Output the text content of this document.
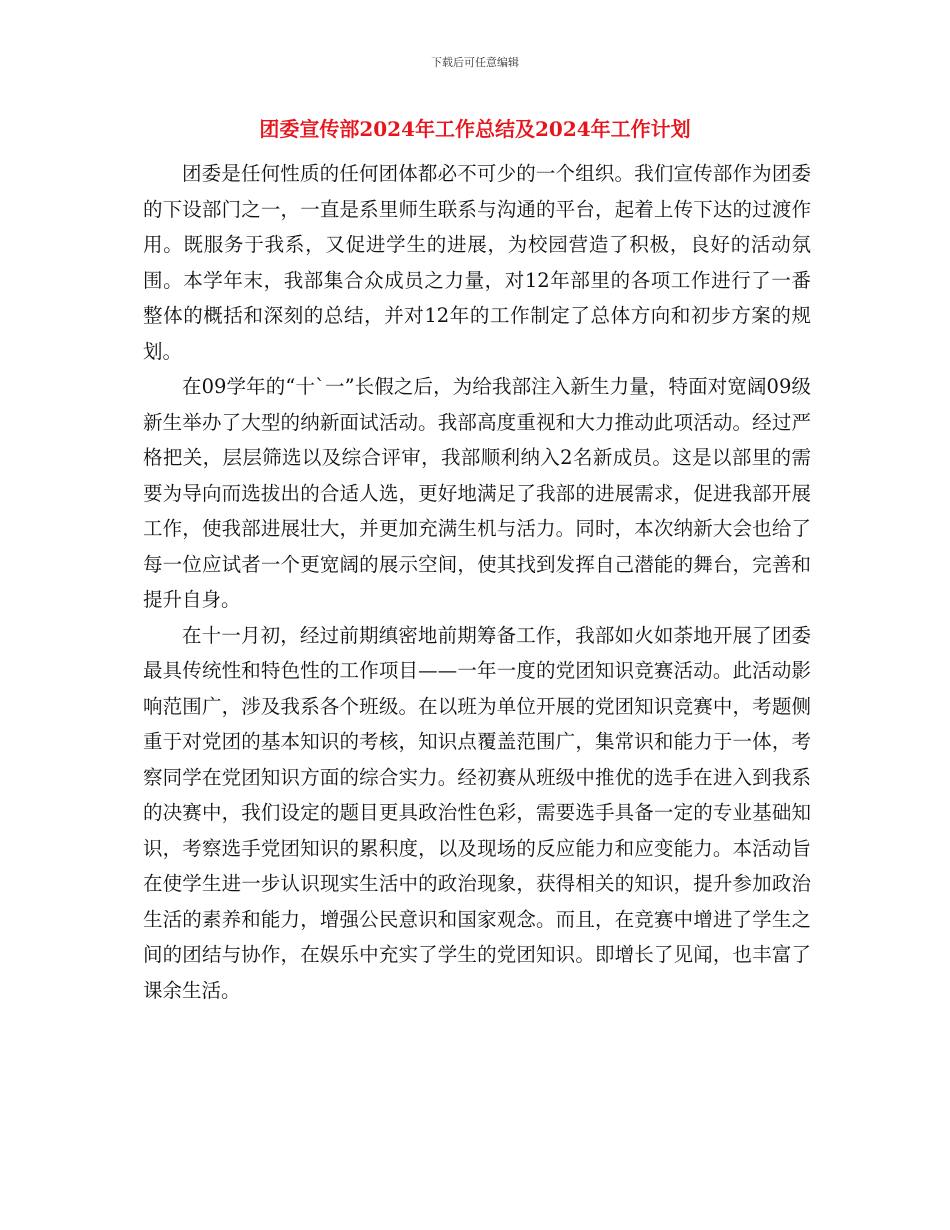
下载后可任意编辑
团委宣传部2024年工作总结及2024年工作计划

团委是任何性质的任何团体都必不可少的一个组织。我们宣传部作为团委的下设部门之一，一直是系里师生联系与沟通的平台，起着上传下达的过渡作用。既服务于我系，又促进学生的进展，为校园营造了积极，良好的活动氛围。本学年末，我部集合众成员之力量，对12年部里的各项工作进行了一番整体的概括和深刻的总结，并对12年的工作制定了总体方向和初步方案的规划。

在09学年的“十`一”长假之后，为给我部注入新生力量，特面对宽阔09级新生举办了大型的纳新面试活动。我部高度重视和大力推动此项活动。经过严格把关，层层筛选以及综合评审，我部顺利纳入2名新成员。这是以部里的需要为导向而选拔出的合适人选，更好地满足了我部的进展需求，促进我部开展工作，使我部进展壮大，并更加充满生机与活力。同时，本次纳新大会也给了每一位应试者一个更宽阔的展示空间，使其找到发挥自己潜能的舞台，完善和提升自身。

在十一月初，经过前期缜密地前期筹备工作，我部如火如荼地开展了团委最具传统性和特色性的工作项目——一年一度的党团知识竞赛活动。此活动影响范围广，涉及我系各个班级。在以班为单位开展的党团知识竞赛中，考题侧重于对党团的基本知识的考核，知识点覆盖范围广，集常识和能力于一体，考察同学在党团知识方面的综合实力。经初赛从班级中推优的选手在进入到我系的决赛中，我们设定的题目更具政治性色彩，需要选手具备一定的专业基础知识，考察选手党团知识的累积度，以及现场的反应能力和应变能力。本活动旨在使学生进一步认识现实生活中的政治现象，获得相关的知识，提升参加政治生活的素养和能力，增强公民意识和国家观念。而且，在竞赛中增进了学生之间的团结与协作，在娱乐中充实了学生的党团知识。即增长了见闻，也丰富了课余生活。
